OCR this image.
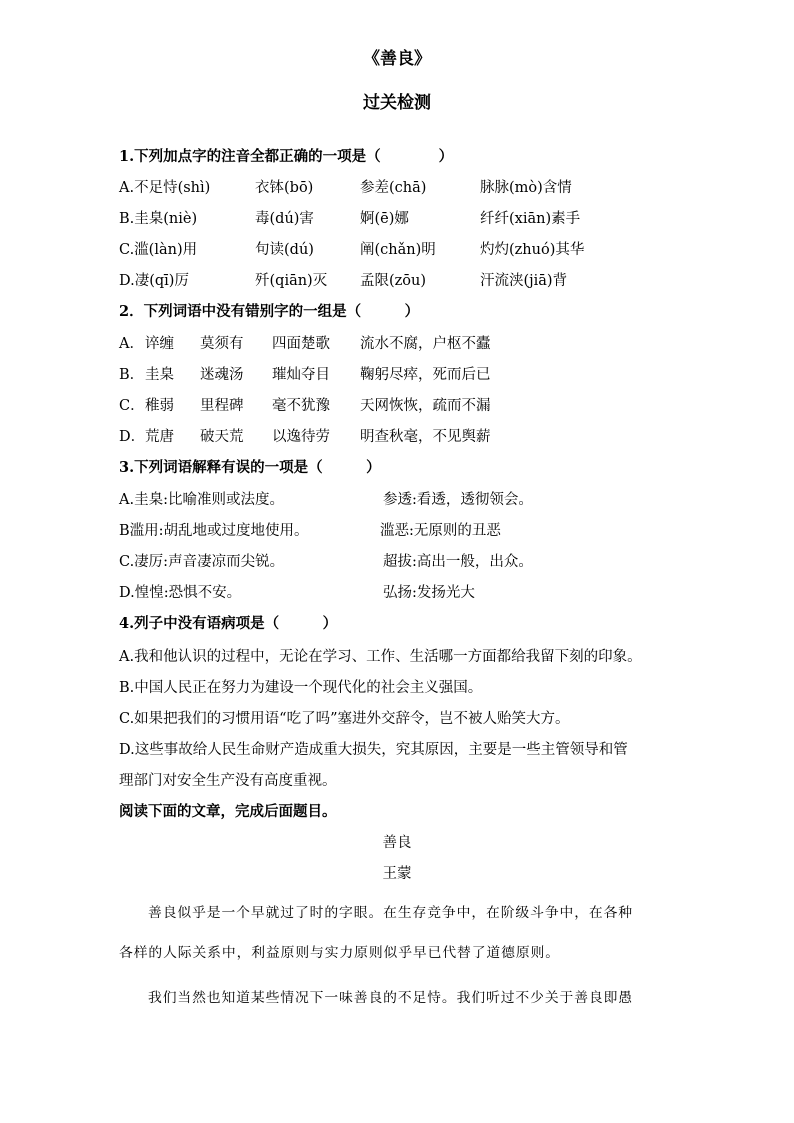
《善良》
过关检测
1.下列加点字的注音全都正确的一项是（　　　　）
A.不足恃(shì)	衣钵(bō)	参差(chā)	脉脉(mò)含情
B.圭臬(niè)	毒(dú)害	婀(ē)娜	纤纤(xiān)素手
C.滥(làn)用	句读(dú)	阐(chǎn)明	灼灼(zhuó)其华
D.凄(qī)厉	歼(qiān)灭 孟限(zōu)	汗流浃(jiā)背
2．下列词语中没有错别字的一组是（　　　）
A． 谇缠 莫须有 四面楚歌 流水不腐，户枢不蠹
B． 圭臬 迷魂汤 璀灿夺目 鞠躬尽瘁，死而后已
C． 稚弱 里程碑 毫不犹豫 天网恢恢，疏而不漏
D． 荒唐 破天荒 以逸待劳 明查秋毫，不见舆薪
3.下列词语解释有误的一项是（　　　）
A.圭臬:比喻准则或法度。	参透:看透，透彻领会。
B滥用:胡乱地或过度地使用。	滥恶:无原则的丑恶
C.凄厉:声音凄凉而尖锐。	超拔:高出一般，出众。
D.惶惶:恐惧不安。	弘扬:发扬光大
4.列子中没有语病项是（　　　）
A.我和他认识的过程中，无论在学习、工作、生活哪一方面都给我留下刻的印象。
B.中国人民正在努力为建设一个现代化的社会主义强国。
C.如果把我们的习惯用语“吃了吗”塞进外交辞令，岂不被人贻笑大方。
D.这些事故给人民生命财产造成重大损失，究其原因，主要是一些主管领导和管
理部门对安全生产没有高度重视。
阅读下面的文章，完成后面题目。
善良
王蒙
善良似乎是一个早就过了时的字眼。在生存竞争中，在阶级斗争中，在各种
各样的人际关系中，利益原则与实力原则似乎早已代替了道德原则。
我们当然也知道某些情况下一味善良的不足恃。我们听过不少关于善良即愚
